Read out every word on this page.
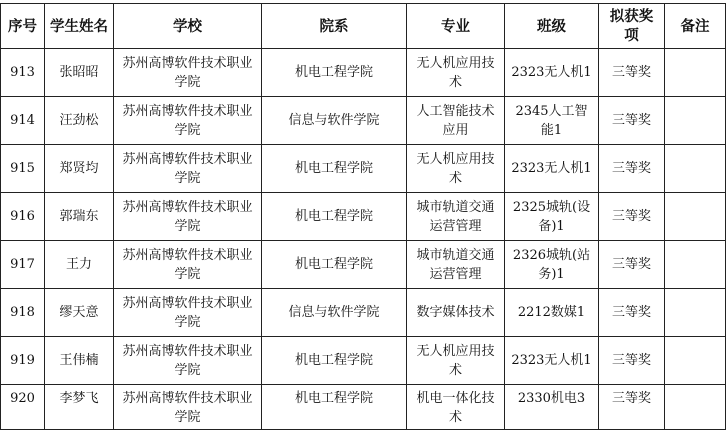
序号	学生姓名	学校	院系	专业	班级	拟获奖项	备注
913	张昭昭	苏州高博软件技术职业学院	机电工程学院	无人机应用技术	2323无人机1	三等奖	
914	汪劲松	苏州高博软件技术职业学院	信息与软件学院	人工智能技术应用	2345人工智能1	三等奖	
915	郑贤均	苏州高博软件技术职业学院	机电工程学院	无人机应用技术	2323无人机1	三等奖	
916	郭瑞东	苏州高博软件技术职业学院	机电工程学院	城市轨道交通运营管理	2325城轨(设备)1	三等奖	
917	王力	苏州高博软件技术职业学院	机电工程学院	城市轨道交通运营管理	2326城轨(站务)1	三等奖	
918	缪天意	苏州高博软件技术职业学院	信息与软件学院	数字媒体技术	2212数媒1	三等奖	
919	王伟楠	苏州高博软件技术职业学院	机电工程学院	无人机应用技术	2323无人机1	三等奖	
920	李梦飞	苏州高博软件技术职业学院	机电工程学院	机电一体化技术	2330机电3	三等奖	
